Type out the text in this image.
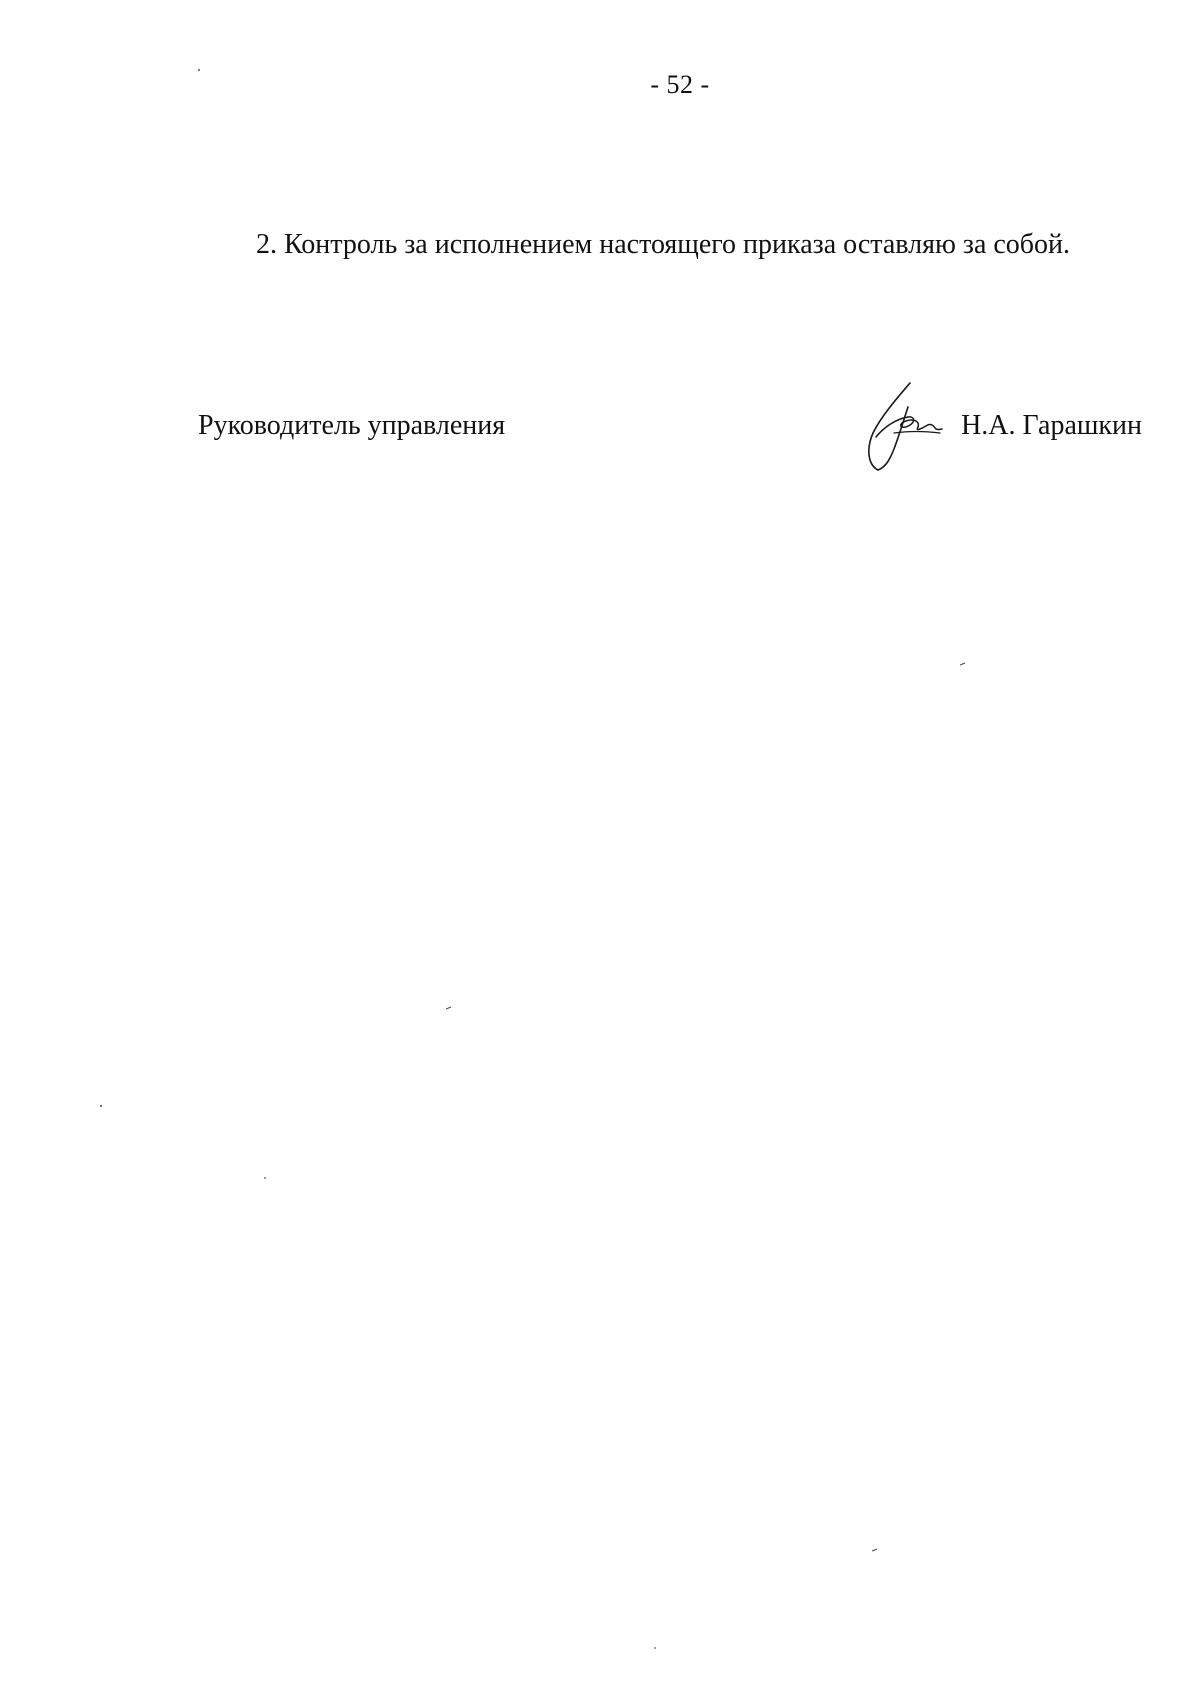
- 52 -
2. Контроль за исполнением настоящего приказа оставляю за собой.
Руководитель управления	Н.А. Гарашкин
